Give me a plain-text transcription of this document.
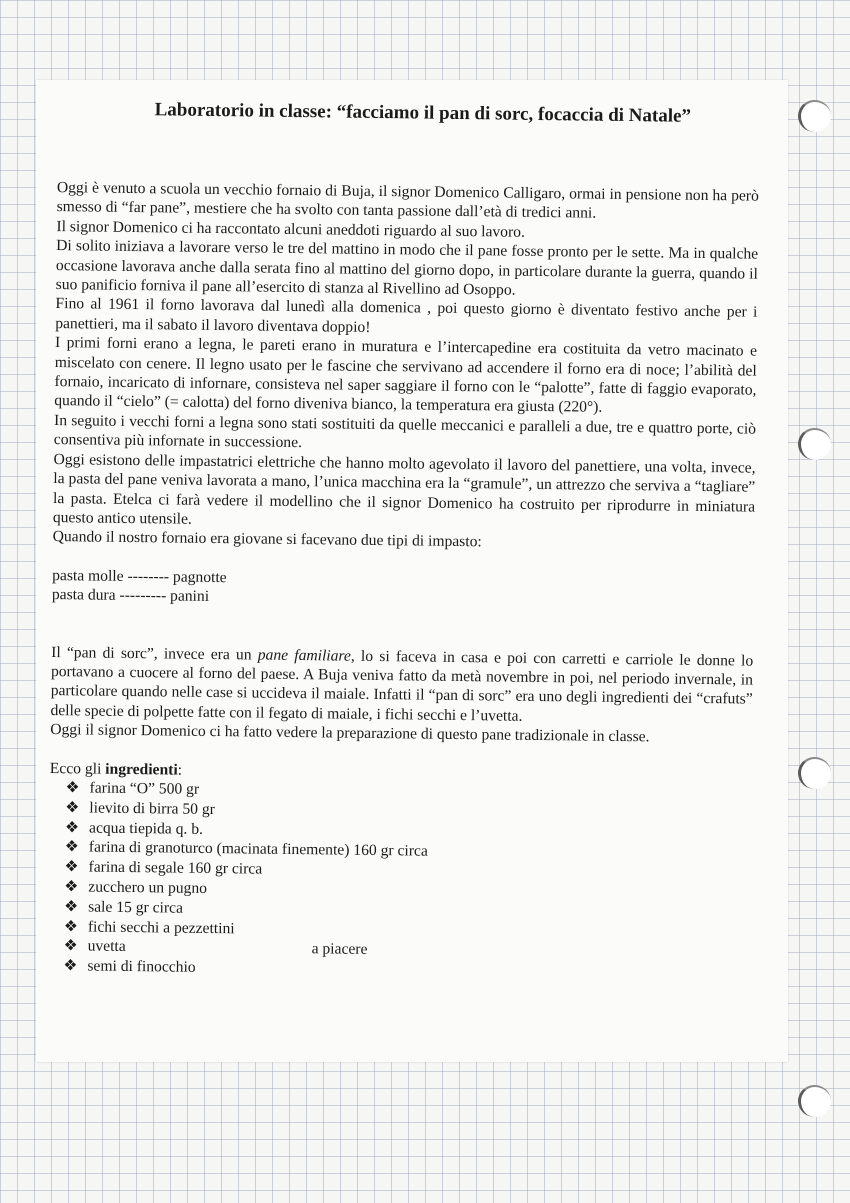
Laboratorio in classe: “facciamo il pan di sorc, focaccia di Natale”

Oggi è venuto a scuola un vecchio fornaio di Buja, il signor Domenico Calligaro, ormai in pensione non ha però smesso di “far pane”, mestiere che ha svolto con tanta passione dall’età di tredici anni.

Il signor Domenico ci ha raccontato alcuni aneddoti riguardo al suo lavoro.

Di solito iniziava a lavorare verso le tre del mattino in modo che il pane fosse pronto per le sette. Ma in qualche occasione lavorava anche dalla serata fino al mattino del giorno dopo, in particolare durante la guerra, quando il suo panificio forniva il pane all’esercito di stanza al Rivellino ad Osoppo.

Fino al 1961 il forno lavorava dal lunedì alla domenica , poi questo giorno è diventato festivo anche per i panettieri, ma il sabato il lavoro diventava doppio!

I primi forni erano a legna, le pareti erano in muratura e l’intercapedine era costituita da vetro macinato e miscelato con cenere. Il legno usato per le fascine che servivano ad accendere il forno era di noce; l’abilità del fornaio, incaricato di infornare, consisteva nel saper saggiare il forno con le “palotte”, fatte di faggio evaporato, quando il “cielo” (= calotta) del forno diveniva bianco, la temperatura era giusta (220°).

In seguito i vecchi forni a legna sono stati sostituiti da quelle meccanici e paralleli a due, tre e quattro porte, ciò consentiva più infornate in successione.

Oggi esistono delle impastatrici elettriche che hanno molto agevolato il lavoro del panettiere, una volta, invece, la pasta del pane veniva lavorata a mano, l’unica macchina era la “gramule”, un attrezzo che serviva a “tagliare” la pasta. Etelca ci farà vedere il modellino che il signor Domenico ha costruito per riprodurre in miniatura questo antico utensile.

Quando il nostro fornaio era giovane si facevano due tipi di impasto:

pasta molle -------- pagnotte

pasta dura --------- panini

Il “pan di sorc”, invece era un pane familiare, lo si faceva in casa e poi con carretti e carriole le donne lo portavano a cuocere al forno del paese. A Buja veniva fatto da metà novembre in poi, nel periodo invernale, in particolare quando nelle case si uccideva il maiale. Infatti il “pan di sorc” era uno degli ingredienti dei “crafuts” delle specie di polpette fatte con il fegato di maiale, i fichi secchi e l’uvetta.

Oggi il signor Domenico ci ha fatto vedere la preparazione di questo pane tradizionale in classe.

Ecco gli ingredienti:

❖ farina “O” 500 gr
❖ lievito di birra 50 gr
❖ acqua tiepida q. b.
❖ farina di granoturco (macinata finemente) 160 gr circa
❖ farina di segale 160 gr circa
❖ zucchero un pugno
❖ sale 15 gr circa
❖ fichi secchi a pezzettini
❖ uvetta	a piacere
❖ semi di finocchio
